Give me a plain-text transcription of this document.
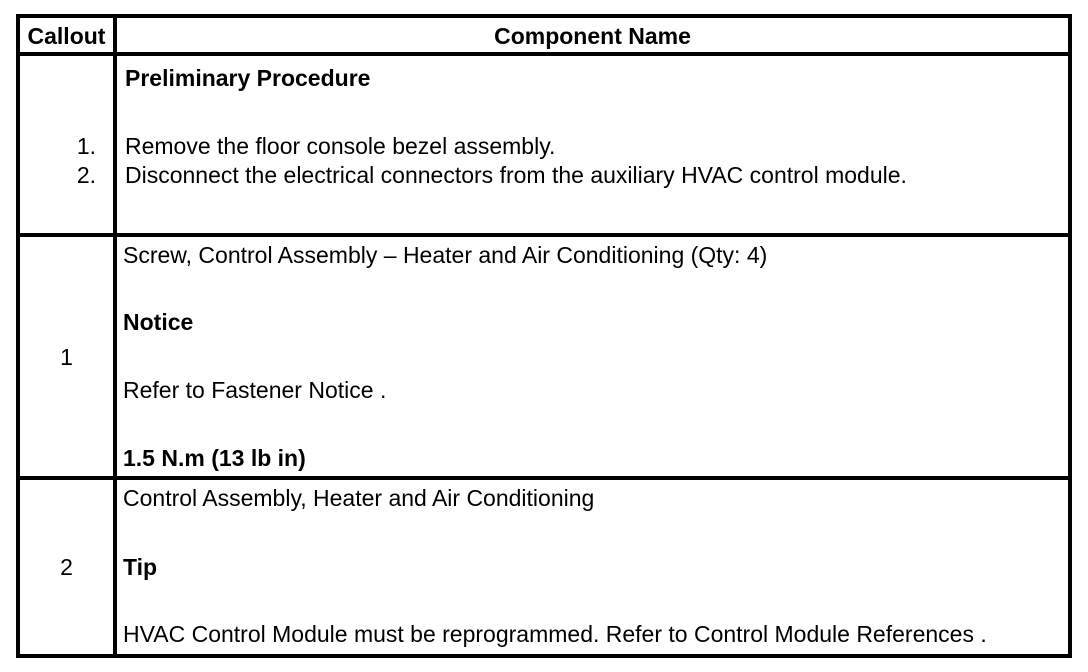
Callout	Component Name
Preliminary Procedure
1. Remove the floor console bezel assembly.
2. Disconnect the electrical connectors from the auxiliary HVAC control module.
1
Screw, Control Assembly – Heater and Air Conditioning (Qty: 4)
Notice
Refer to Fastener Notice .
1.5 N.m (13 lb in)
2
Control Assembly, Heater and Air Conditioning
Tip
HVAC Control Module must be reprogrammed. Refer to Control Module References .
